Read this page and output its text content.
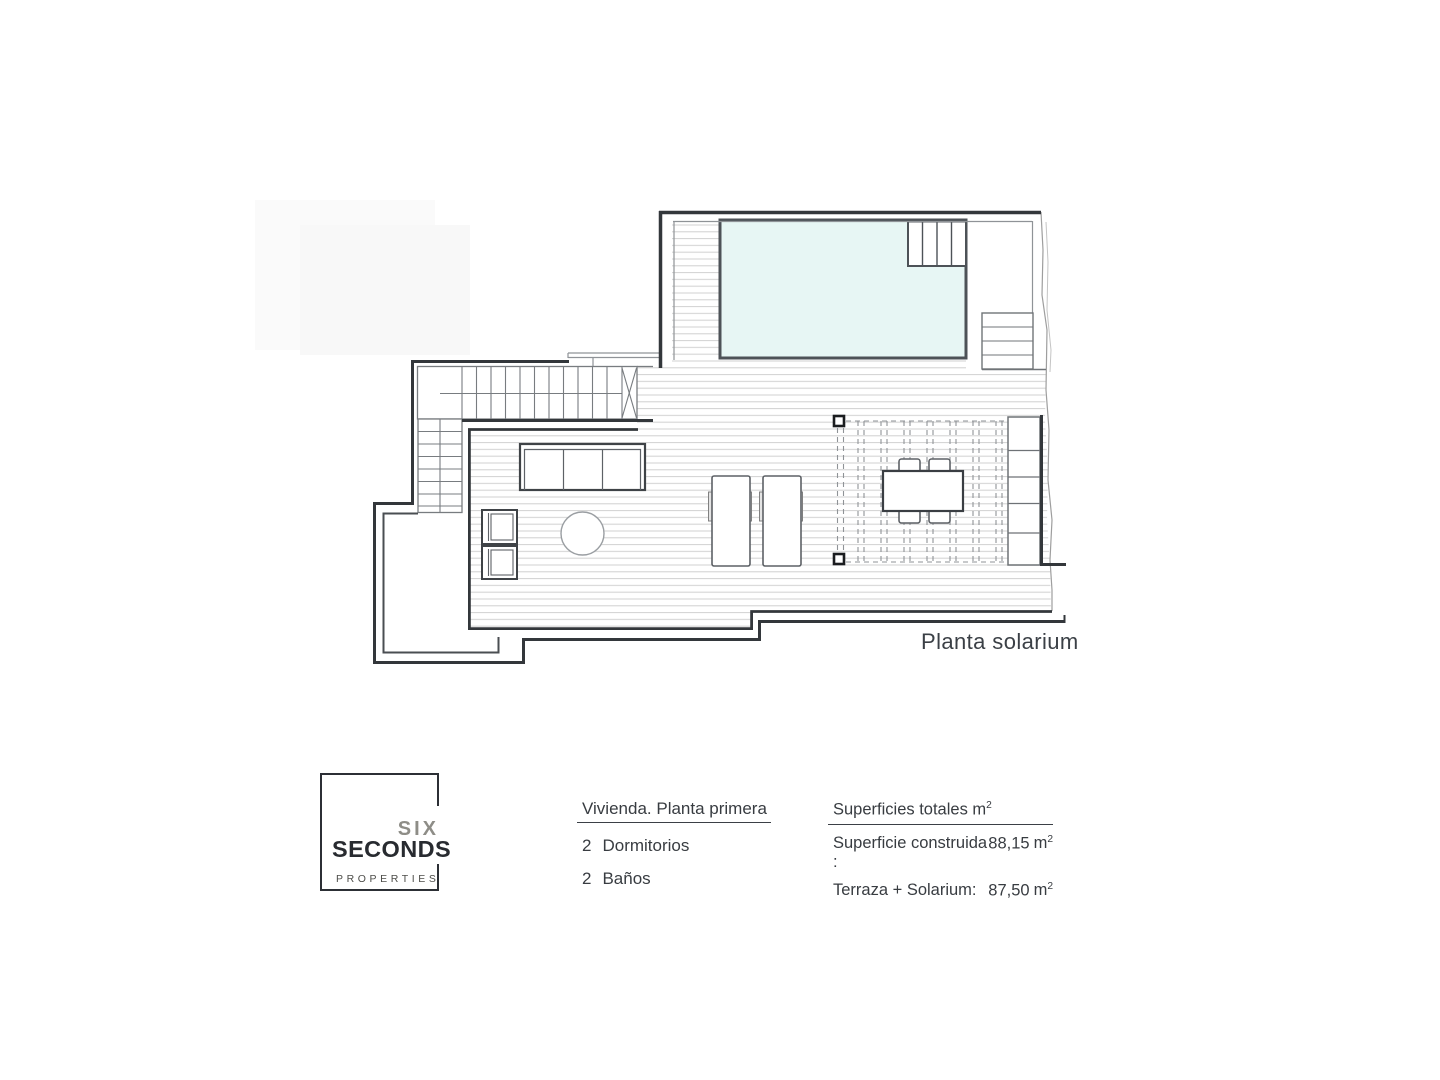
Planta solarium
SIX
SECONDS
PROPERTIES
Vivienda. Planta primera
2 Dormitorios
2 Baños
Superficies totales $m^2$
Superficie construida :
88,15 $m^2$
Terraza + Solarium: 87,50 $m^2$
